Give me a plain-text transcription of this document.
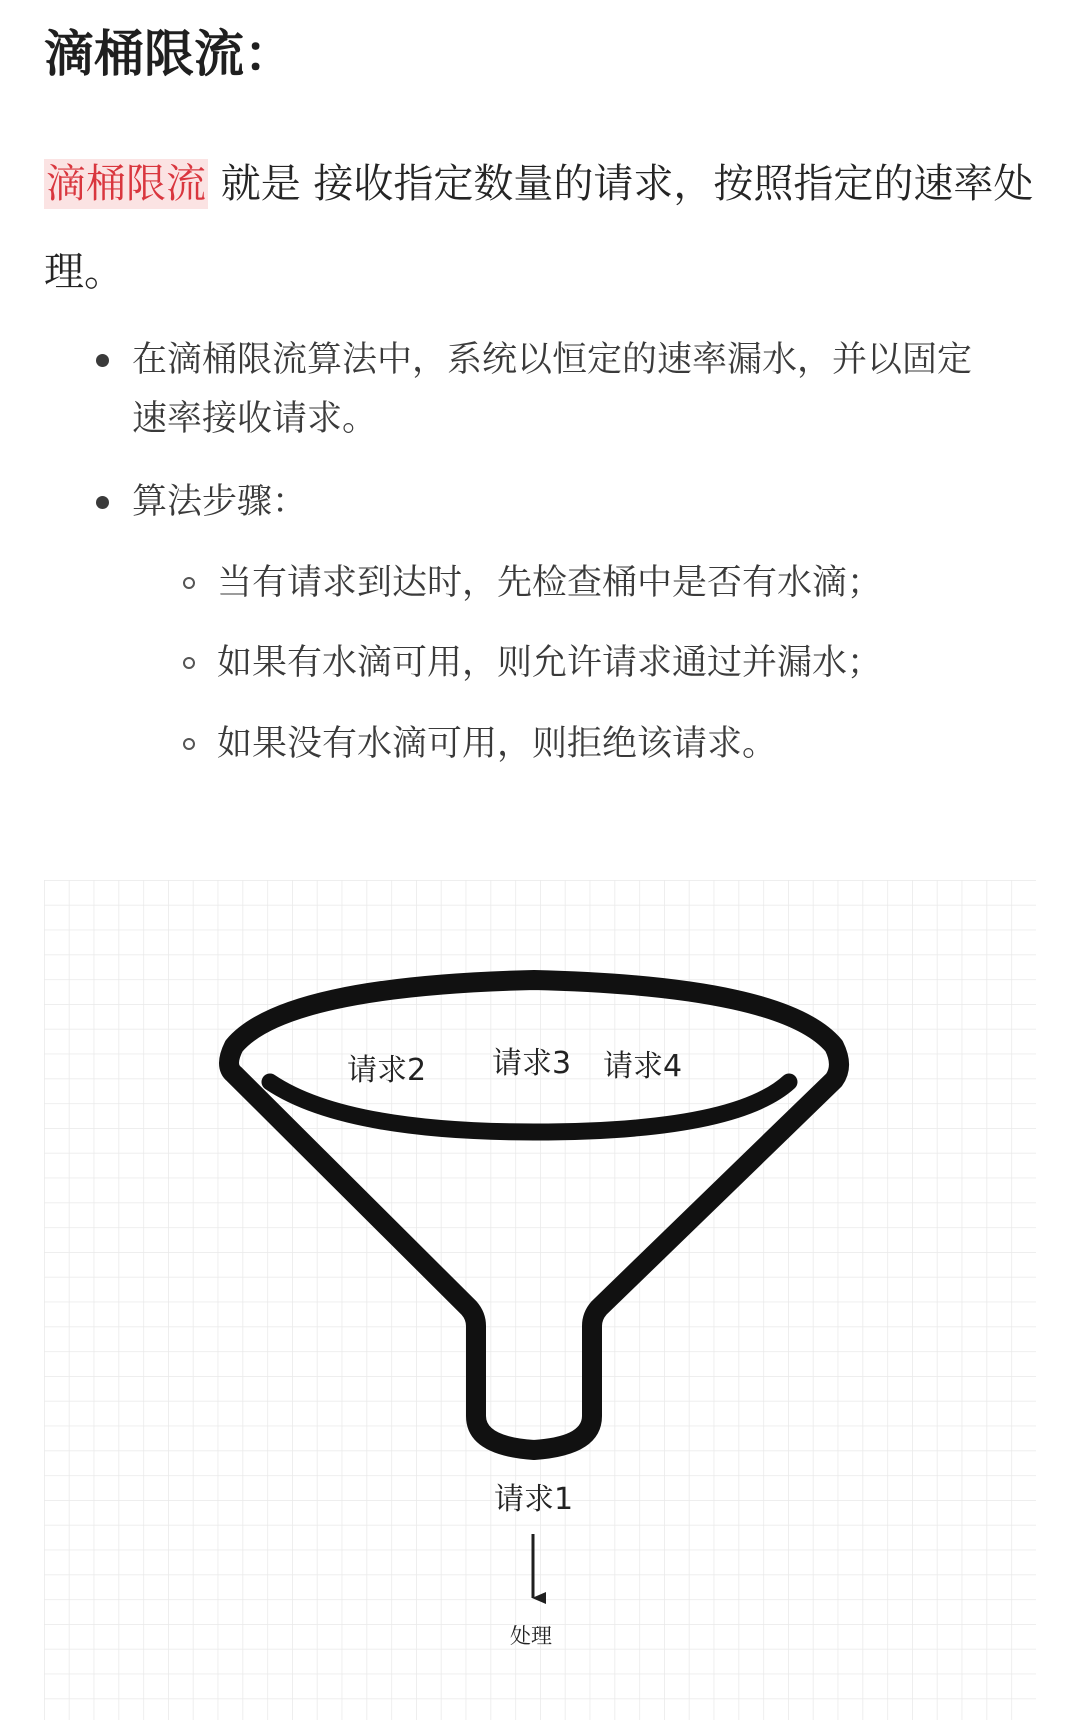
滴桶限流：

滴桶限流 就是 接收指定数量的请求，按照指定的速率处理。

在滴桶限流算法中，系统以恒定的速率漏水，并以固定
速率接收请求。
算法步骤：
当有请求到达时，先检查桶中是否有水滴；
如果有水滴可用，则允许请求通过并漏水；
如果没有水滴可用，则拒绝该请求。
请求2 请求3 请求4
请求1
处理
